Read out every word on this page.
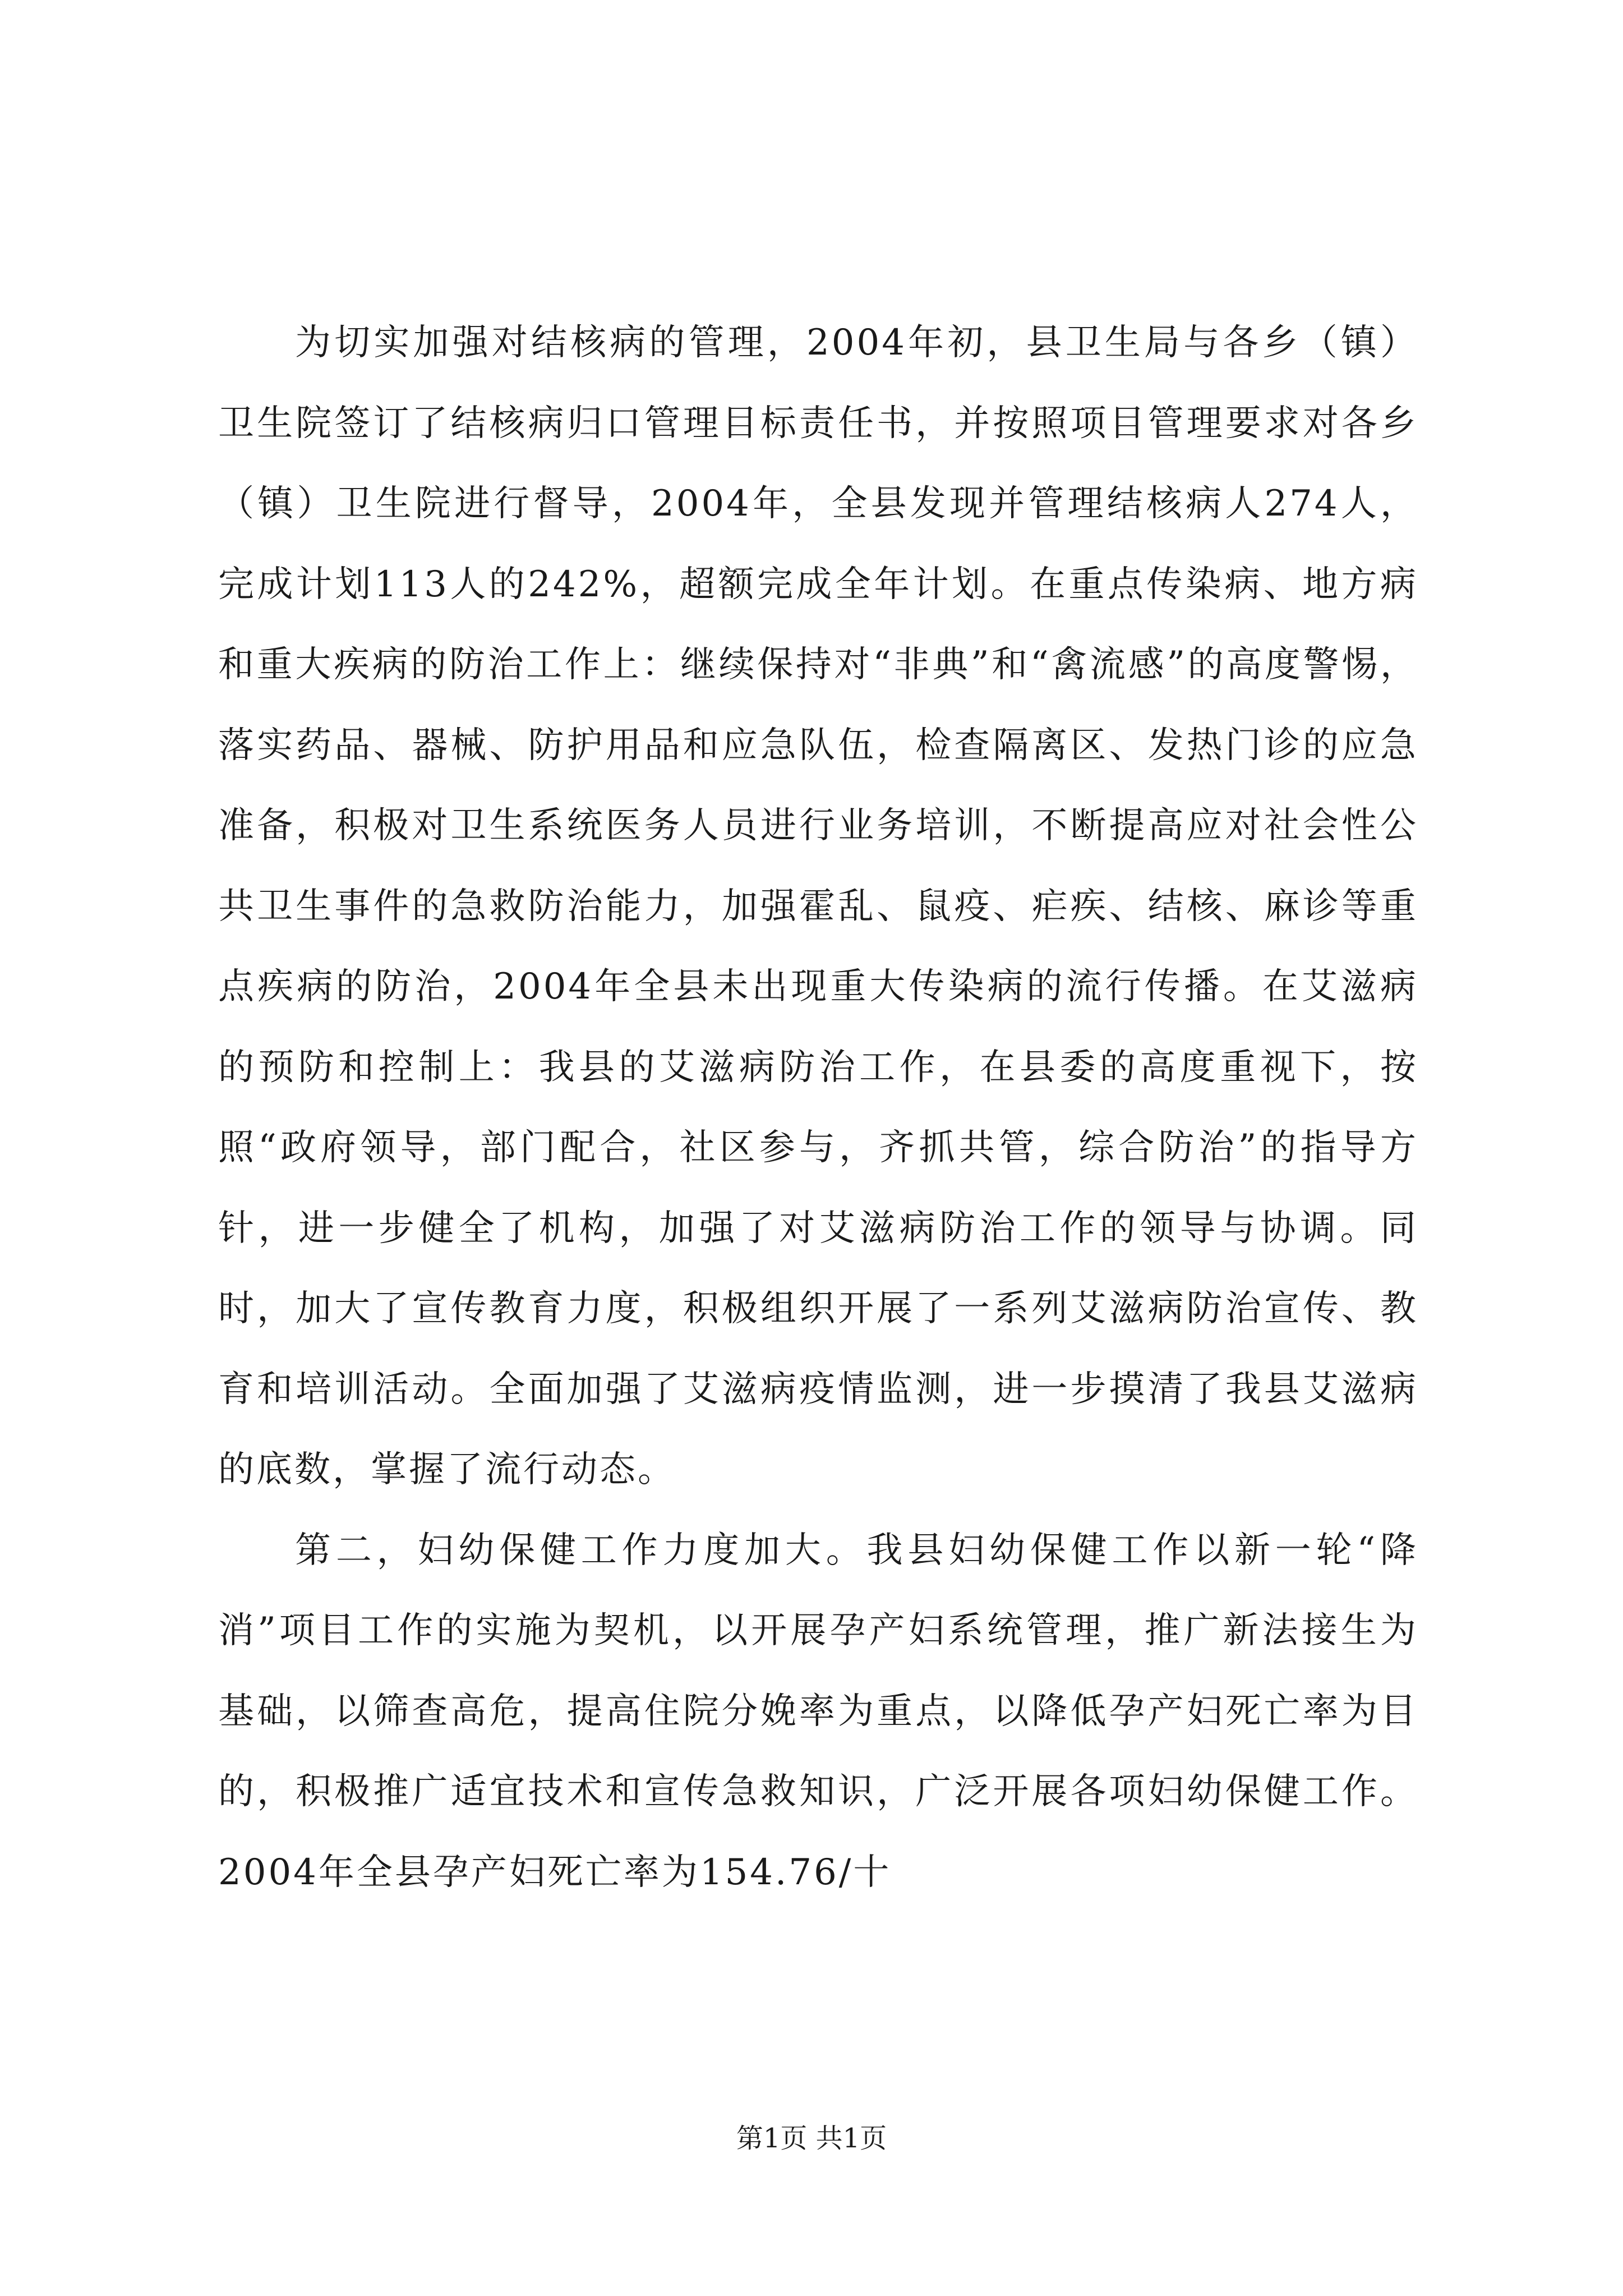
为切实加强对结核病的管理，2004年初，县卫生局与各乡（镇）卫生院签订了结核病归口管理目标责任书，并按照项目管理要求对各乡（镇）卫生院进行督导，2004年，全县发现并管理结核病人274人，完成计划113人的242%，超额完成全年计划。在重点传染病、地方病和重大疾病的防治工作上：继续保持对“非典”和“禽流感”的高度警惕，落实药品、器械、防护用品和应急队伍，检查隔离区、发热门诊的应急准备，积极对卫生系统医务人员进行业务培训，不断提高应对社会性公共卫生事件的急救防治能力，加强霍乱、鼠疫、疟疾、结核、麻诊等重点疾病的防治，2004年全县未出现重大传染病的流行传播。在艾滋病的预防和控制上：我县的艾滋病防治工作，在县委的高度重视下，按照“政府领导，部门配合，社区参与，齐抓共管，综合防治”的指导方针，进一步健全了机构，加强了对艾滋病防治工作的领导与协调。同时，加大了宣传教育力度，积极组织开展了一系列艾滋病防治宣传、教育和培训活动。全面加强了艾滋病疫情监测，进一步摸清了我县艾滋病的底数，掌握了流行动态。

第二，妇幼保健工作力度加大。我县妇幼保健工作以新一轮“降消”项目工作的实施为契机，以开展孕产妇系统管理，推广新法接生为基础，以筛查高危，提高住院分娩率为重点，以降低孕产妇死亡率为目的，积极推广适宜技术和宣传急救知识，广泛开展各项妇幼保健工作。2004年全县孕产妇死亡率为154.76/十

第1页 共1页
